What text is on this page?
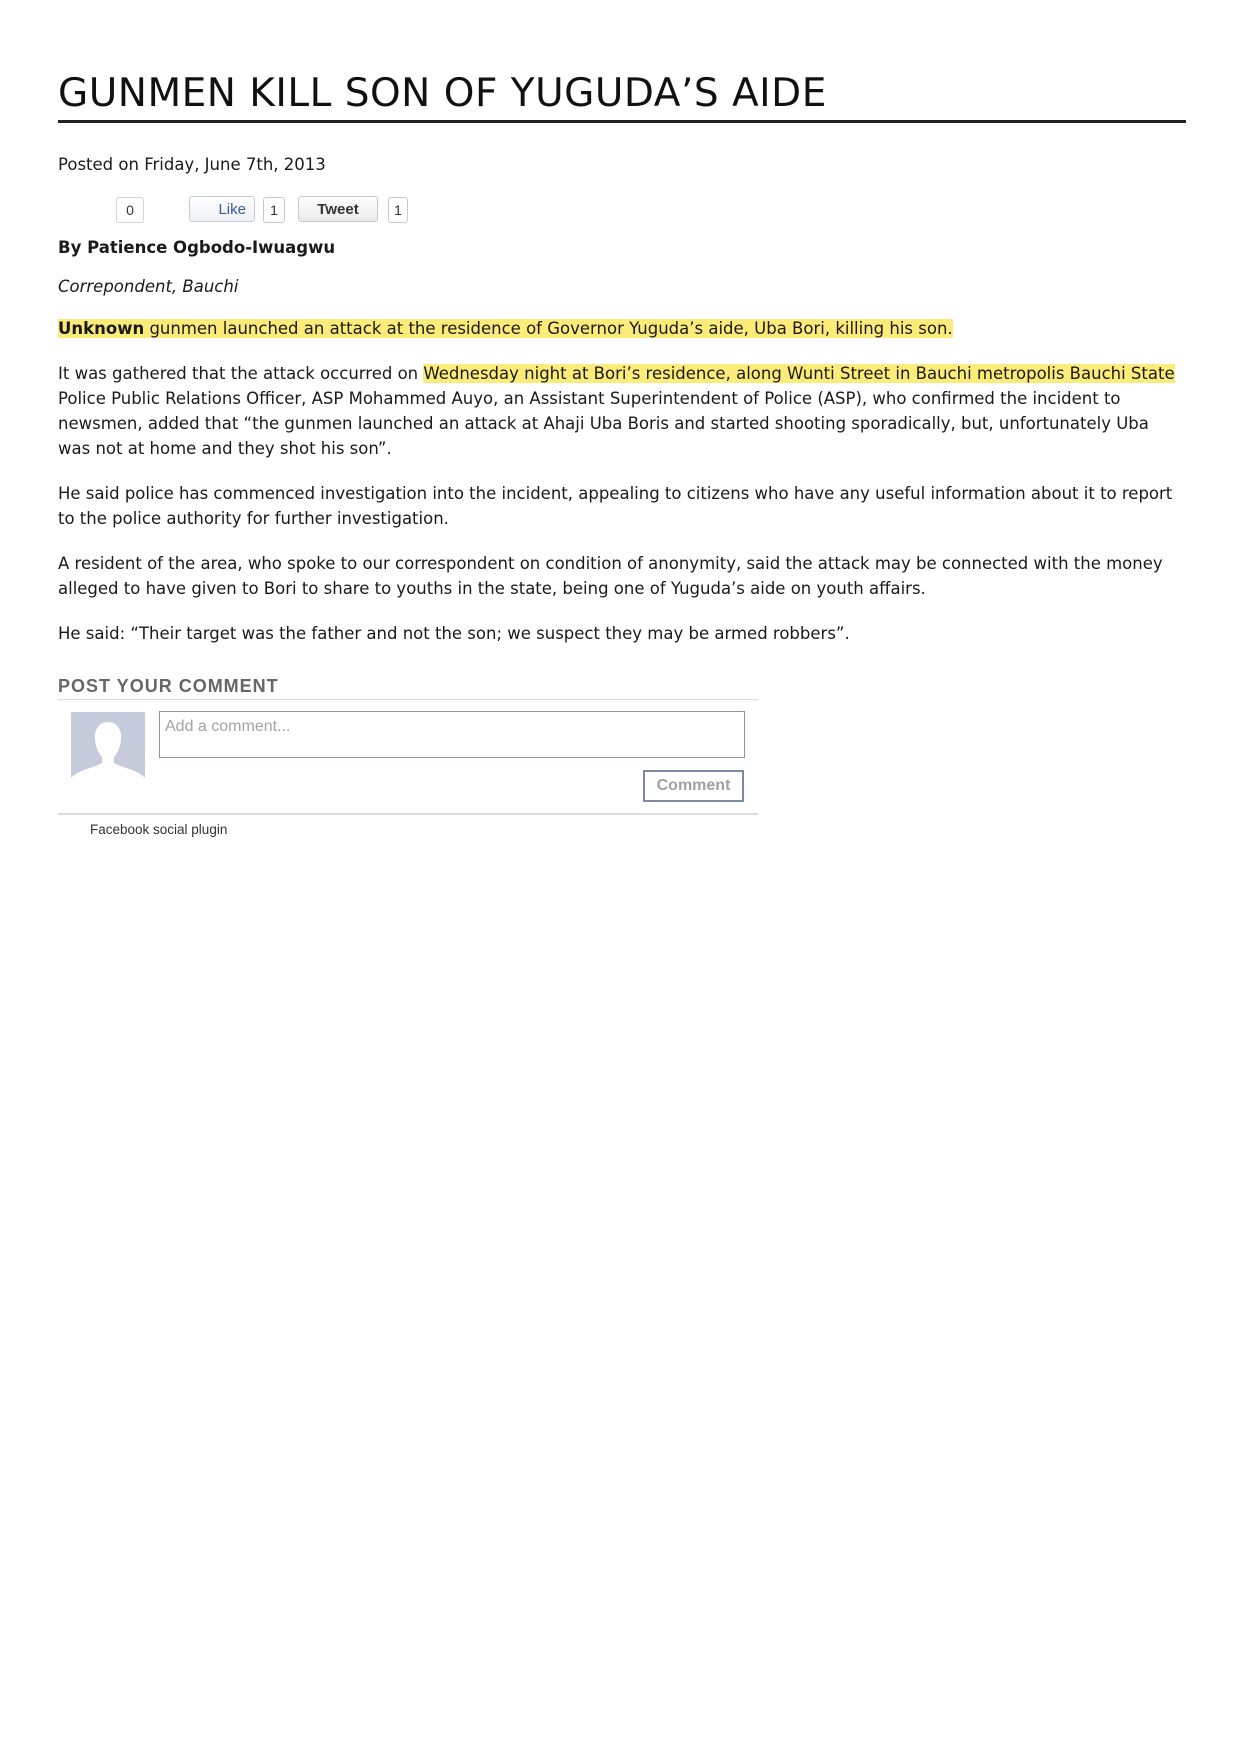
GUNMEN KILL SON OF YUGUDA’S AIDE
Posted on Friday, June 7th, 2013
0	Like	1	Tweet	1
By Patience Ogbodo-Iwuagwu
Correpondent, Bauchi

Unknown gunmen launched an attack at the residence of Governor Yuguda’s aide, Uba Bori, killing his son.

It was gathered that the attack occurred on Wednesday night at Bori’s residence, along Wunti Street in Bauchi metropolis Bauchi State Police Public Relations Officer, ASP Mohammed Auyo, an Assistant Superintendent of Police (ASP), who confirmed the incident to newsmen, added that “the gunmen launched an attack at Ahaji Uba Boris and started shooting sporadically, but, unfortunately Uba was not at home and they shot his son”.

He said police has commenced investigation into the incident, appealing to citizens who have any useful information about it to report to the police authority for further investigation.

A resident of the area, who spoke to our correspondent on condition of anonymity, said the attack may be connected with the money alleged to have given to Bori to share to youths in the state, being one of Yuguda’s aide on youth affairs.

He said: “Their target was the father and not the son; we suspect they may be armed robbers”.

POST YOUR COMMENT
Add a comment...
Comment
Facebook social plugin
